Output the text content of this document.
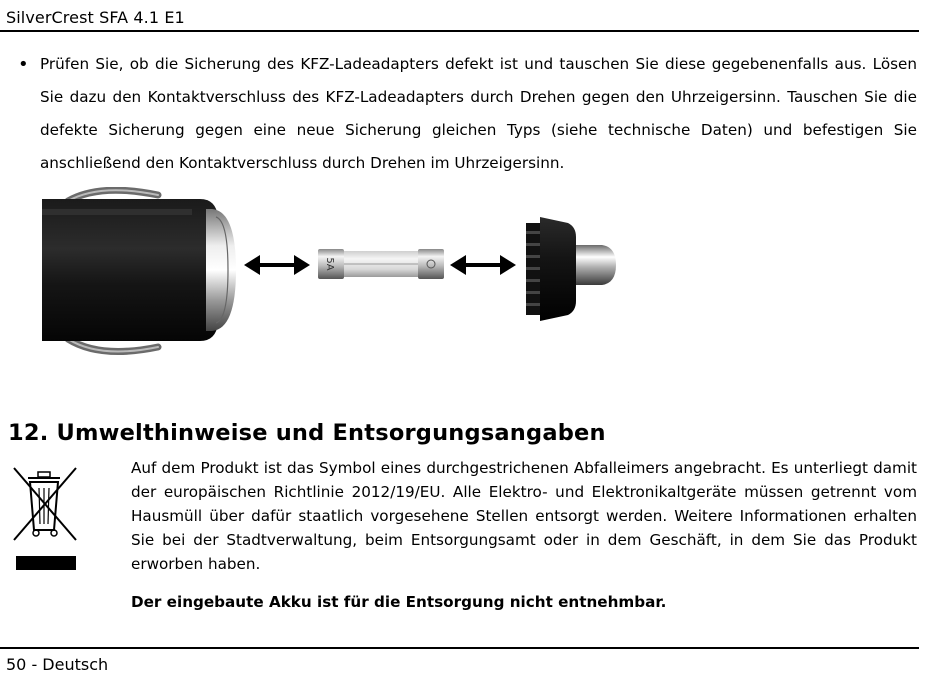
SilverCrest SFA 4.1 E1
• Prüfen Sie, ob die Sicherung des KFZ-Ladeadapters defekt ist und tauschen Sie diese gegebenenfalls aus. Lösen Sie dazu den Kontaktverschluss des KFZ-Ladeadapters durch Drehen gegen den Uhrzeigersinn. Tauschen Sie die defekte Sicherung gegen eine neue Sicherung gleichen Typs (siehe technische Daten) und befestigen Sie anschließend den Kontaktverschluss durch Drehen im Uhrzeigersinn.
5A
12. Umwelthinweise und Entsorgungsangaben
Auf dem Produkt ist das Symbol eines durchgestrichenen Abfalleimers angebracht. Es unterliegt damit der europäischen Richtlinie 2012/19/EU. Alle Elektro- und Elektronikaltgeräte müssen getrennt vom Hausmüll über dafür staatlich vorgesehene Stellen entsorgt werden. Weitere Informationen erhalten Sie bei der Stadtverwaltung, beim Entsorgungsamt oder in dem Geschäft, in dem Sie das Produkt erworben haben.
Der eingebaute Akku ist für die Entsorgung nicht entnehmbar.
50 - Deutsch
